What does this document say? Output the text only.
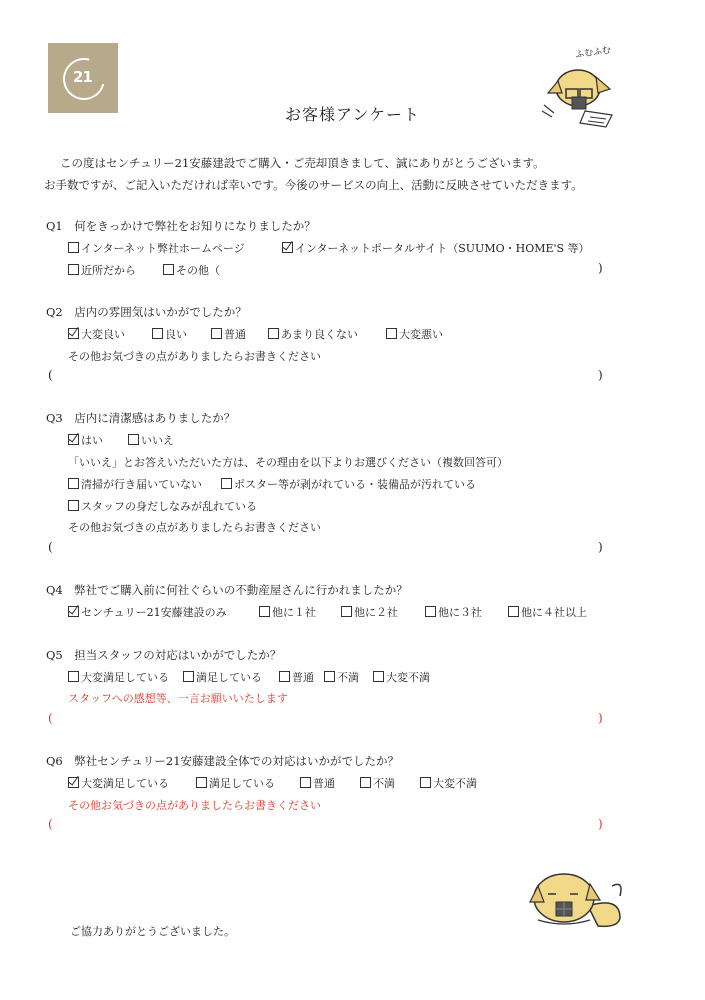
21
ふむふむ
お客様アンケート
この度はセンチュリー21安藤建設でご購入・ご売却頂きまして、誠にありがとうございます。
お手数ですが、ご記入いただければ幸いです。今後のサービスの向上、活動に反映させていただきます。
Q1　何をきっかけで弊社をお知りになりましたか？
インターネット弊社ホームページ	インターネットポータルサイト（SUUMO・HOME'S 等）
近所だから	その他（	)
Q2　店内の雰囲気はいかがでしたか？
大変良い	良い	普通	あまり良くない	大変悪い
その他お気づきの点がありましたらお書きください
(	)
Q3　店内に清潔感はありましたか？
はい	いいえ
「いいえ」とお答えいただいた方は、その理由を以下よりお選びください（複数回答可）
清掃が行き届いていない	ポスター等が剥がれている・装備品が汚れている
スタッフの身だしなみが乱れている
その他お気づきの点がありましたらお書きください
(	)
Q4　弊社でご購入前に何社ぐらいの不動産屋さんに行かれましたか？
センチュリー21安藤建設のみ	他に１社	他に２社	他に３社	他に４社以上
Q5　担当スタッフの対応はいかがでしたか？
大変満足している	満足している	普通	不満	大変不満
スタッフへの感想等、一言お願いいたします
(	)
Q6　弊社センチュリー21安藤建設全体での対応はいかがでしたか？
大変満足している	満足している	普通	不満	大変不満
その他お気づきの点がありましたらお書きください
(	)
ご協力ありがとうございました。
